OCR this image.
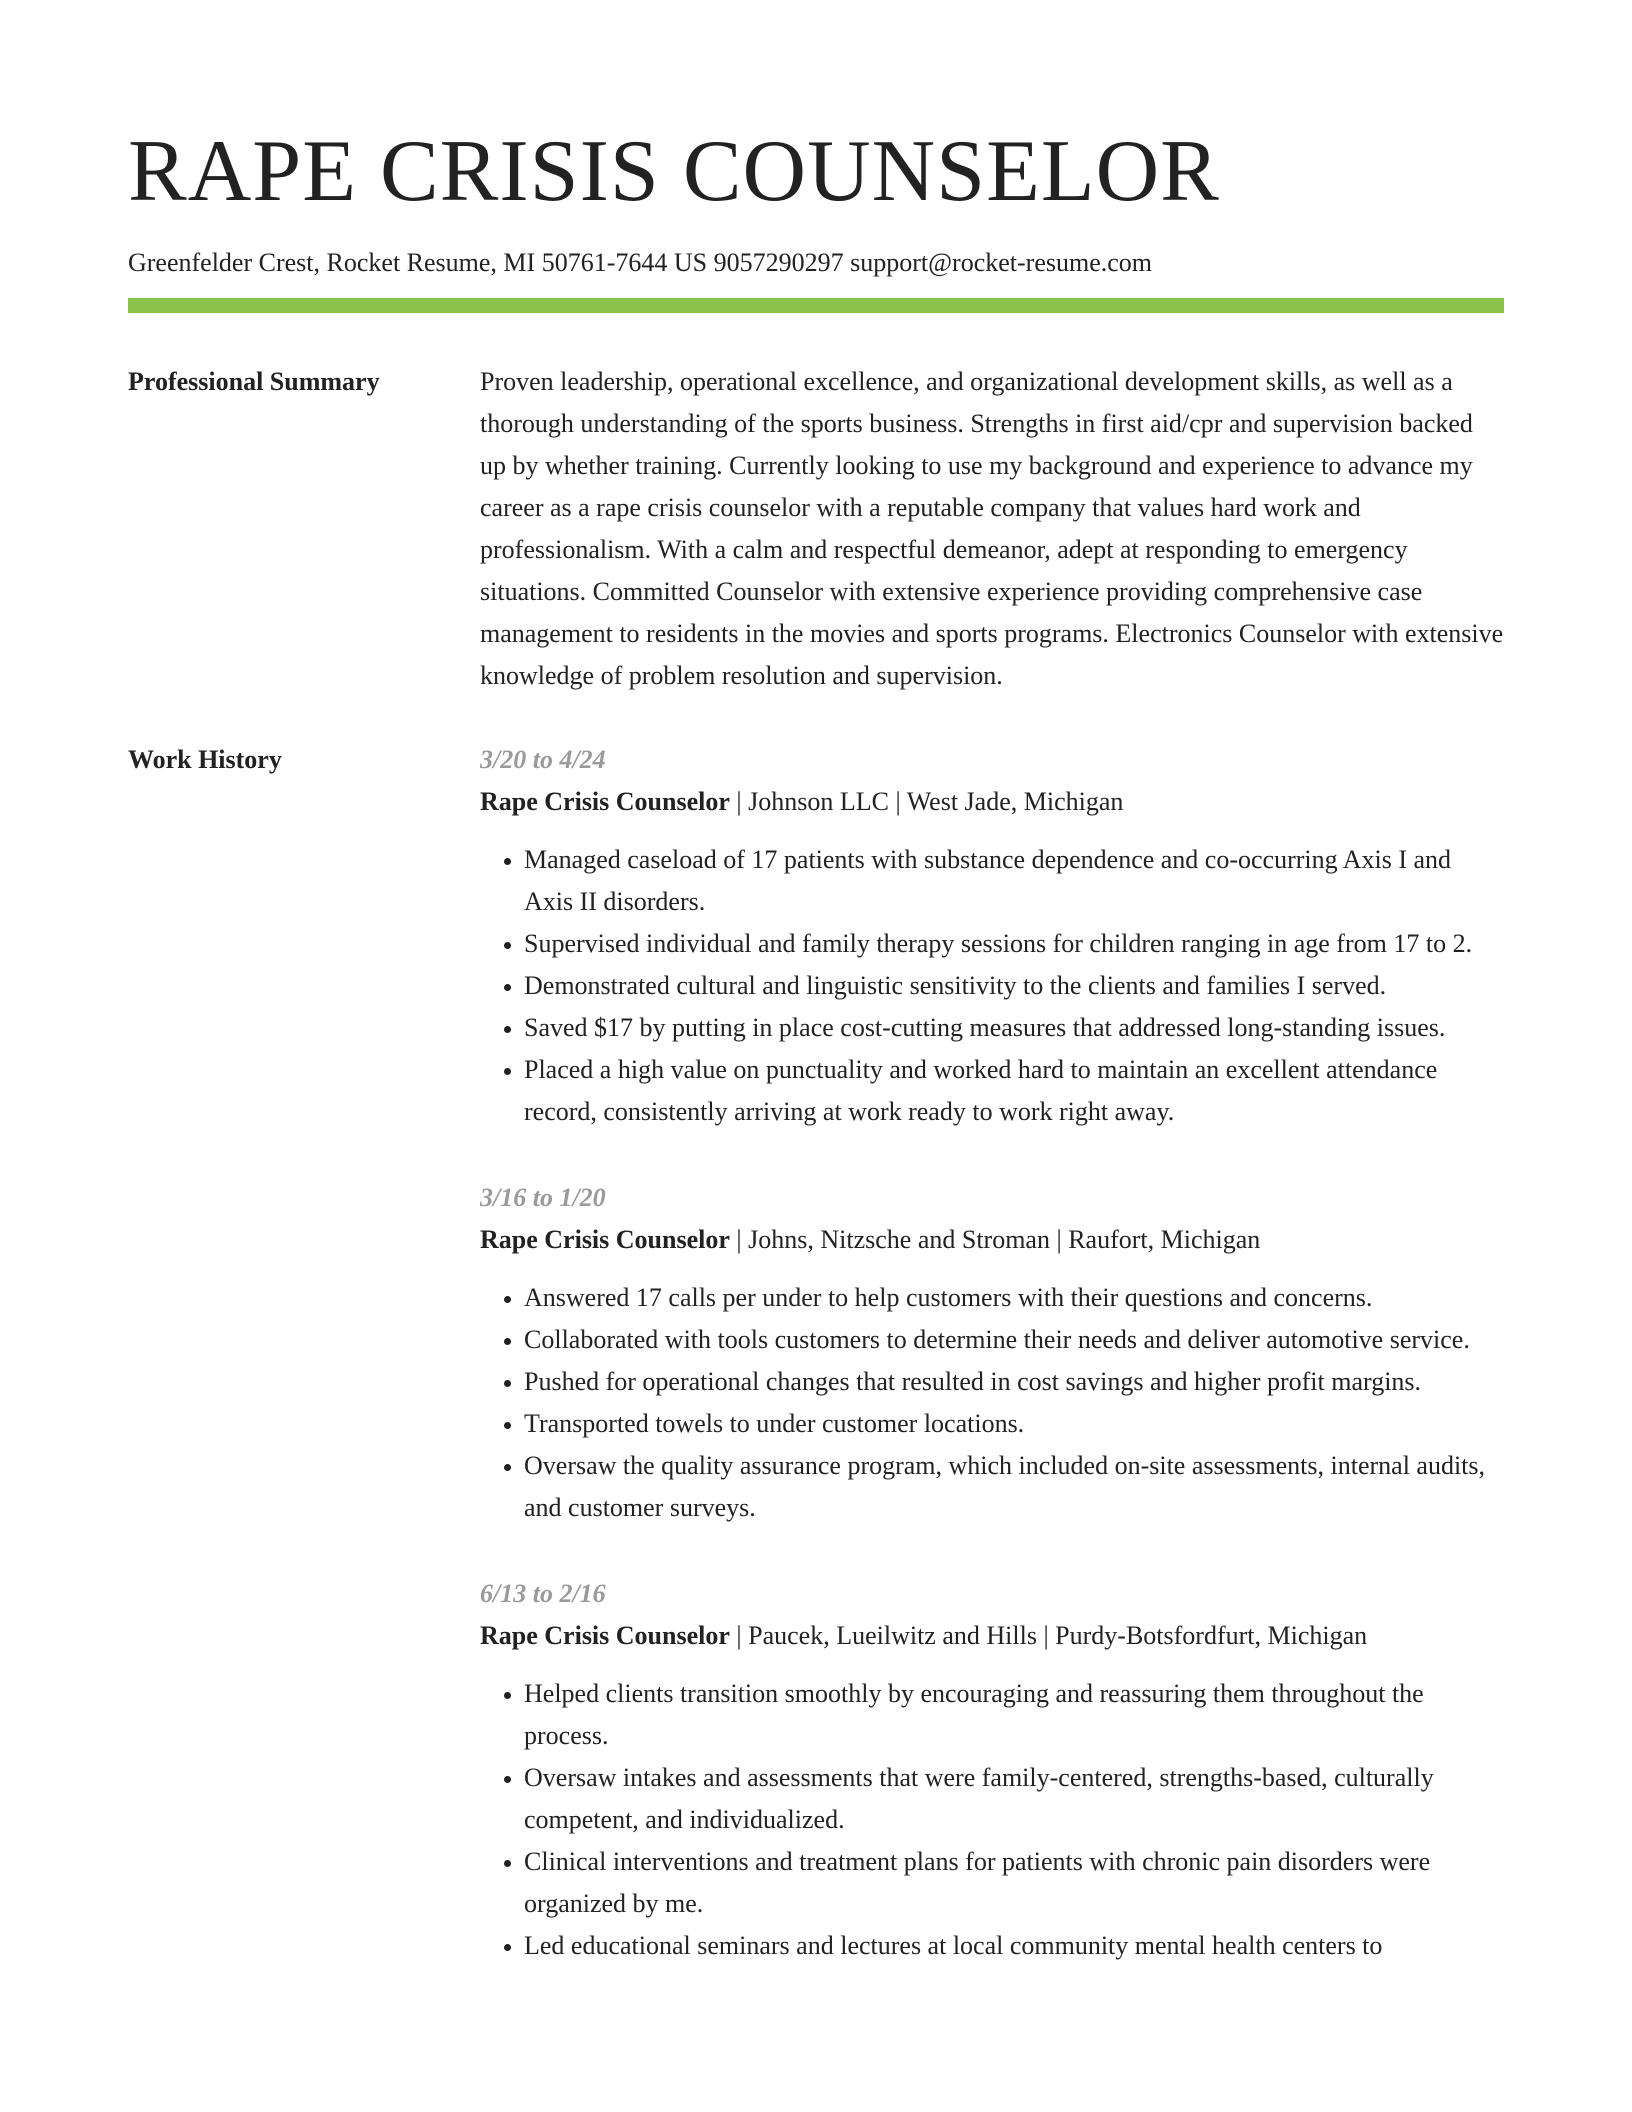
RAPE CRISIS COUNSELOR
Greenfelder Crest, Rocket Resume, MI 50761-7644 US 9057290297 support@rocket-resume.com
Professional Summary	Proven leadership, operational excellence, and organizational development skills, as well as a thorough understanding of the sports business. Strengths in first aid/cpr and supervision backed up by whether training. Currently looking to use my background and experience to advance my career as a rape crisis counselor with a reputable company that values hard work and professionalism. With a calm and respectful demeanor, adept at responding to emergency situations. Committed Counselor with extensive experience providing comprehensive case management to residents in the movies and sports programs. Electronics Counselor with extensive knowledge of problem resolution and supervision.

Work History	3/20 to 4/24
Rape Crisis Counselor | Johnson LLC | West Jade, Michigan
• Managed caseload of 17 patients with substance dependence and co-occurring Axis I and Axis II disorders.
• Supervised individual and family therapy sessions for children ranging in age from 17 to 2.
• Demonstrated cultural and linguistic sensitivity to the clients and families I served.
• Saved $17 by putting in place cost-cutting measures that addressed long-standing issues.
• Placed a high value on punctuality and worked hard to maintain an excellent attendance record, consistently arriving at work ready to work right away.
3/16 to 1/20
Rape Crisis Counselor | Johns, Nitzsche and Stroman | Raufort, Michigan
• Answered 17 calls per under to help customers with their questions and concerns.
• Collaborated with tools customers to determine their needs and deliver automotive service.
• Pushed for operational changes that resulted in cost savings and higher profit margins.
• Transported towels to under customer locations.
• Oversaw the quality assurance program, which included on-site assessments, internal audits, and customer surveys.
6/13 to 2/16
Rape Crisis Counselor | Paucek, Lueilwitz and Hills | Purdy-Botsfordfurt, Michigan
• Helped clients transition smoothly by encouraging and reassuring them throughout the process.
• Oversaw intakes and assessments that were family-centered, strengths-based, culturally competent, and individualized.
• Clinical interventions and treatment plans for patients with chronic pain disorders were organized by me.
• Led educational seminars and lectures at local community mental health centers to
